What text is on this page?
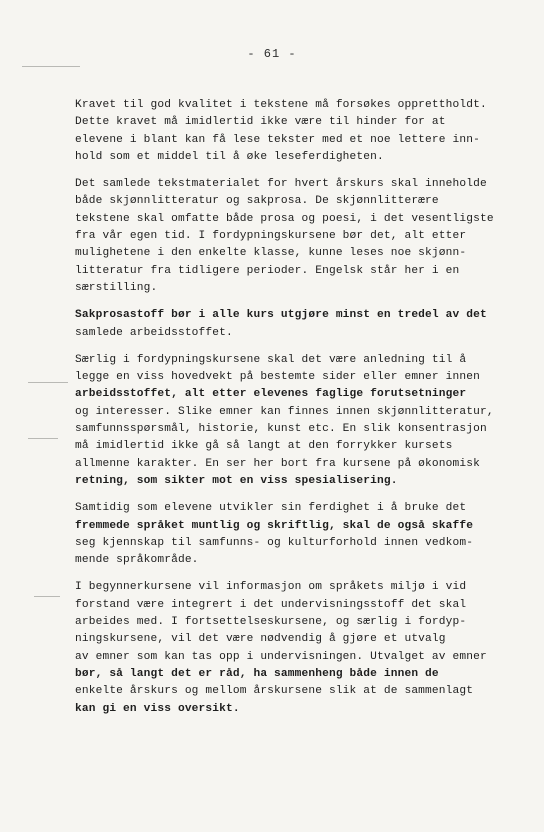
- 61 -
Kravet til god kvalitet i tekstene må forsøkes opprettholdt.
Dette kravet må imidlertid ikke være til hinder for at
elevene i blant kan få lese tekster med et noe lettere inn-
hold som et middel til å øke leseferdigheten.
Det samlede tekstmaterialet for hvert årskurs skal inneholde
både skjønnlitteratur og sakprosa. De skjønnlitterære
tekstene skal omfatte både prosa og poesi, i det vesentligste
fra vår egen tid. I fordypningskursene bør det, alt etter
mulighetene i den enkelte klasse, kunne leses noe skjønn-
litteratur fra tidligere perioder. Engelsk står her i en
særstilling.
Sakprosastoff bør i alle kurs utgjøre minst en tredel av det
samlede arbeidsstoffet.
Særlig i fordypningskursene skal det være anledning til å
legge en viss hovedvekt på bestemte sider eller emner innen
arbeidsstoffet, alt etter elevenes faglige forutsetninger
og interesser. Slike emner kan finnes innen skjønnlitteratur,
samfunnsspørsmål, historie, kunst etc. En slik konsentrasjon
må imidlertid ikke gå så langt at den forrykker kursets
allmenne karakter. En ser her bort fra kursene på økonomisk
retning, som sikter mot en viss spesialisering.
Samtidig som elevene utvikler sin ferdighet i å bruke det
fremmede språket muntlig og skriftlig, skal de også skaffe
seg kjennskap til samfunns- og kulturforhold innen vedkom-
mende språkområde.
I begynnerkursene vil informasjon om språkets miljø i vid
forstand være integrert i det undervisningsstoff det skal
arbeides med. I fortsettelseskursene, og særlig i fordyp-
ningskursene, vil det være nødvendig å gjøre et utvalg
av emner som kan tas opp i undervisningen. Utvalget av emner
bør, så langt det er råd, ha sammenheng både innen de
enkelte årskurs og mellom årskursene slik at de sammenlagt
kan gi en viss oversikt.
